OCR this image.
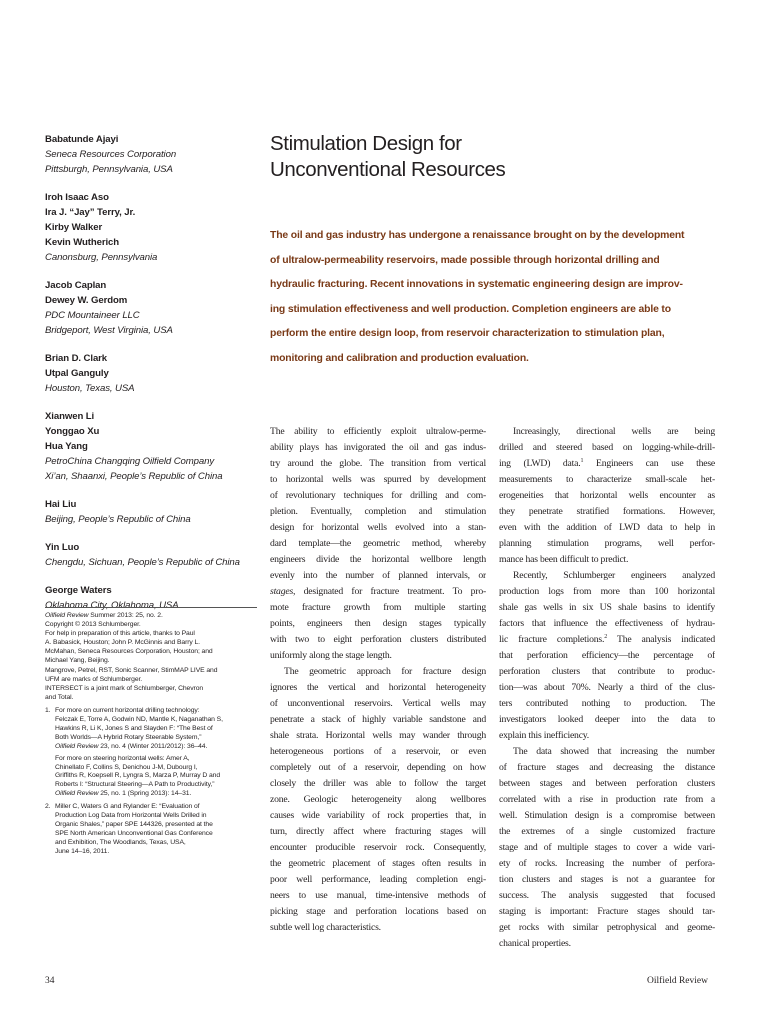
Babatunde Ajayi
Seneca Resources Corporation
Pittsburgh, Pennsylvania, USA
Iroh Isaac Aso
Ira J. “Jay” Terry, Jr.
Kirby Walker
Kevin Wutherich
Canonsburg, Pennsylvania
Jacob Caplan
Dewey W. Gerdom
PDC Mountaineer LLC
Bridgeport, West Virginia, USA
Brian D. Clark
Utpal Ganguly
Houston, Texas, USA
Xianwen Li
Yonggao Xu
Hua Yang
PetroChina Changqing Oilfield Company
Xi’an, Shaanxi, People’s Republic of China
Hai Liu
Beijing, People’s Republic of China
Yin Luo
Chengdu, Sichuan, People’s Republic of China
George Waters
Oklahoma City, Oklahoma, USA
Oilfield Review Summer 2013: 25, no. 2.
Copyright © 2013 Schlumberger.
For help in preparation of this article, thanks to Paul
A. Babasick, Houston; John P. McGinnis and Barry L.
McMahan, Seneca Resources Corporation, Houston; and
Michael Yang, Beijing.
Mangrove, Petrel, RST, Sonic Scanner, StimMAP LIVE and
UFM are marks of Schlumberger.
INTERSECT is a joint mark of Schlumberger, Chevron
and Total.
1. For more on current horizontal drilling technology:
Felczak E, Torre A, Godwin ND, Mantle K, Naganathan S,
Hawkins R, Li K, Jones S and Slayden F: “The Best of
Both Worlds—A Hybrid Rotary Steerable System,”
Oilfield Review 23, no. 4 (Winter 2011/2012): 36–44.
For more on steering horizontal wells: Amer A,
Chinellato F, Collins S, Denichou J-M, Dubourg I,
Griffiths R, Koepsell R, Lyngra S, Marza P, Murray D and
Roberts I: “Structural Steering—A Path to Productivity,”
Oilfield Review 25, no. 1 (Spring 2013): 14–31.
2. Miller C, Waters G and Rylander E: “Evaluation of
Production Log Data from Horizontal Wells Drilled in
Organic Shales,” paper SPE 144326, presented at the
SPE North American Unconventional Gas Conference
and Exhibition, The Woodlands, Texas, USA,
June 14–16, 2011.
Stimulation Design for
Unconventional Resources
The oil and gas industry has undergone a renaissance brought on by the development
of ultralow-permeability reservoirs, made possible through horizontal drilling and
hydraulic fracturing. Recent innovations in systematic engineering design are improv-
ing stimulation effectiveness and well production. Completion engineers are able to
perform the entire design loop, from reservoir characterization to stimulation plan,
monitoring and calibration and production evaluation.
The ability to efficiently exploit ultralow-perme-
ability plays has invigorated the oil and gas indus-
try around the globe. The transition from vertical
to horizontal wells was spurred by development
of revolutionary techniques for drilling and com-
pletion. Eventually, completion and stimulation
design for horizontal wells evolved into a stan-
dard template—the geometric method, whereby
engineers divide the horizontal wellbore length
evenly into the number of planned intervals, or
stages, designated for fracture treatment. To pro-
mote fracture growth from multiple starting
points, engineers then design stages typically
with two to eight perforation clusters distributed
uniformly along the stage length.
The geometric approach for fracture design
ignores the vertical and horizontal heterogeneity
of unconventional reservoirs. Vertical wells may
penetrate a stack of highly variable sandstone and
shale strata. Horizontal wells may wander through
heterogeneous portions of a reservoir, or even
completely out of a reservoir, depending on how
closely the driller was able to follow the target
zone. Geologic heterogeneity along wellbores
causes wide variability of rock properties that, in
turn, directly affect where fracturing stages will
encounter producible reservoir rock. Consequently,
the geometric placement of stages often results in
poor well performance, leading completion engi-
neers to use manual, time-intensive methods of
picking stage and perforation locations based on
subtle well log characteristics.
Increasingly, directional wells are being
drilled and steered based on logging-while-drill-
ing (LWD) data.$^1$ Engineers can use these
measurements to characterize small-scale het-
erogeneities that horizontal wells encounter as
they penetrate stratified formations. However,
even with the addition of LWD data to help in
planning stimulation programs, well perfor-
mance has been difficult to predict.
Recently, Schlumberger engineers analyzed
production logs from more than 100 horizontal
shale gas wells in six US shale basins to identify
factors that influence the effectiveness of hydrau-
lic fracture completions.$^2$ The analysis indicated
that perforation efficiency—the percentage of
perforation clusters that contribute to produc-
tion—was about 70%. Nearly a third of the clus-
ters contributed nothing to production. The
investigators looked deeper into the data to
explain this inefficiency.
The data showed that increasing the number
of fracture stages and decreasing the distance
between stages and between perforation clusters
correlated with a rise in production rate from a
well. Stimulation design is a compromise between
the extremes of a single customized fracture
stage and of multiple stages to cover a wide vari-
ety of rocks. Increasing the number of perfora-
tion clusters and stages is not a guarantee for
success. The analysis suggested that focused
staging is important: Fracture stages should tar-
get rocks with similar petrophysical and geome-
chanical properties.
34	Oilfield Review
